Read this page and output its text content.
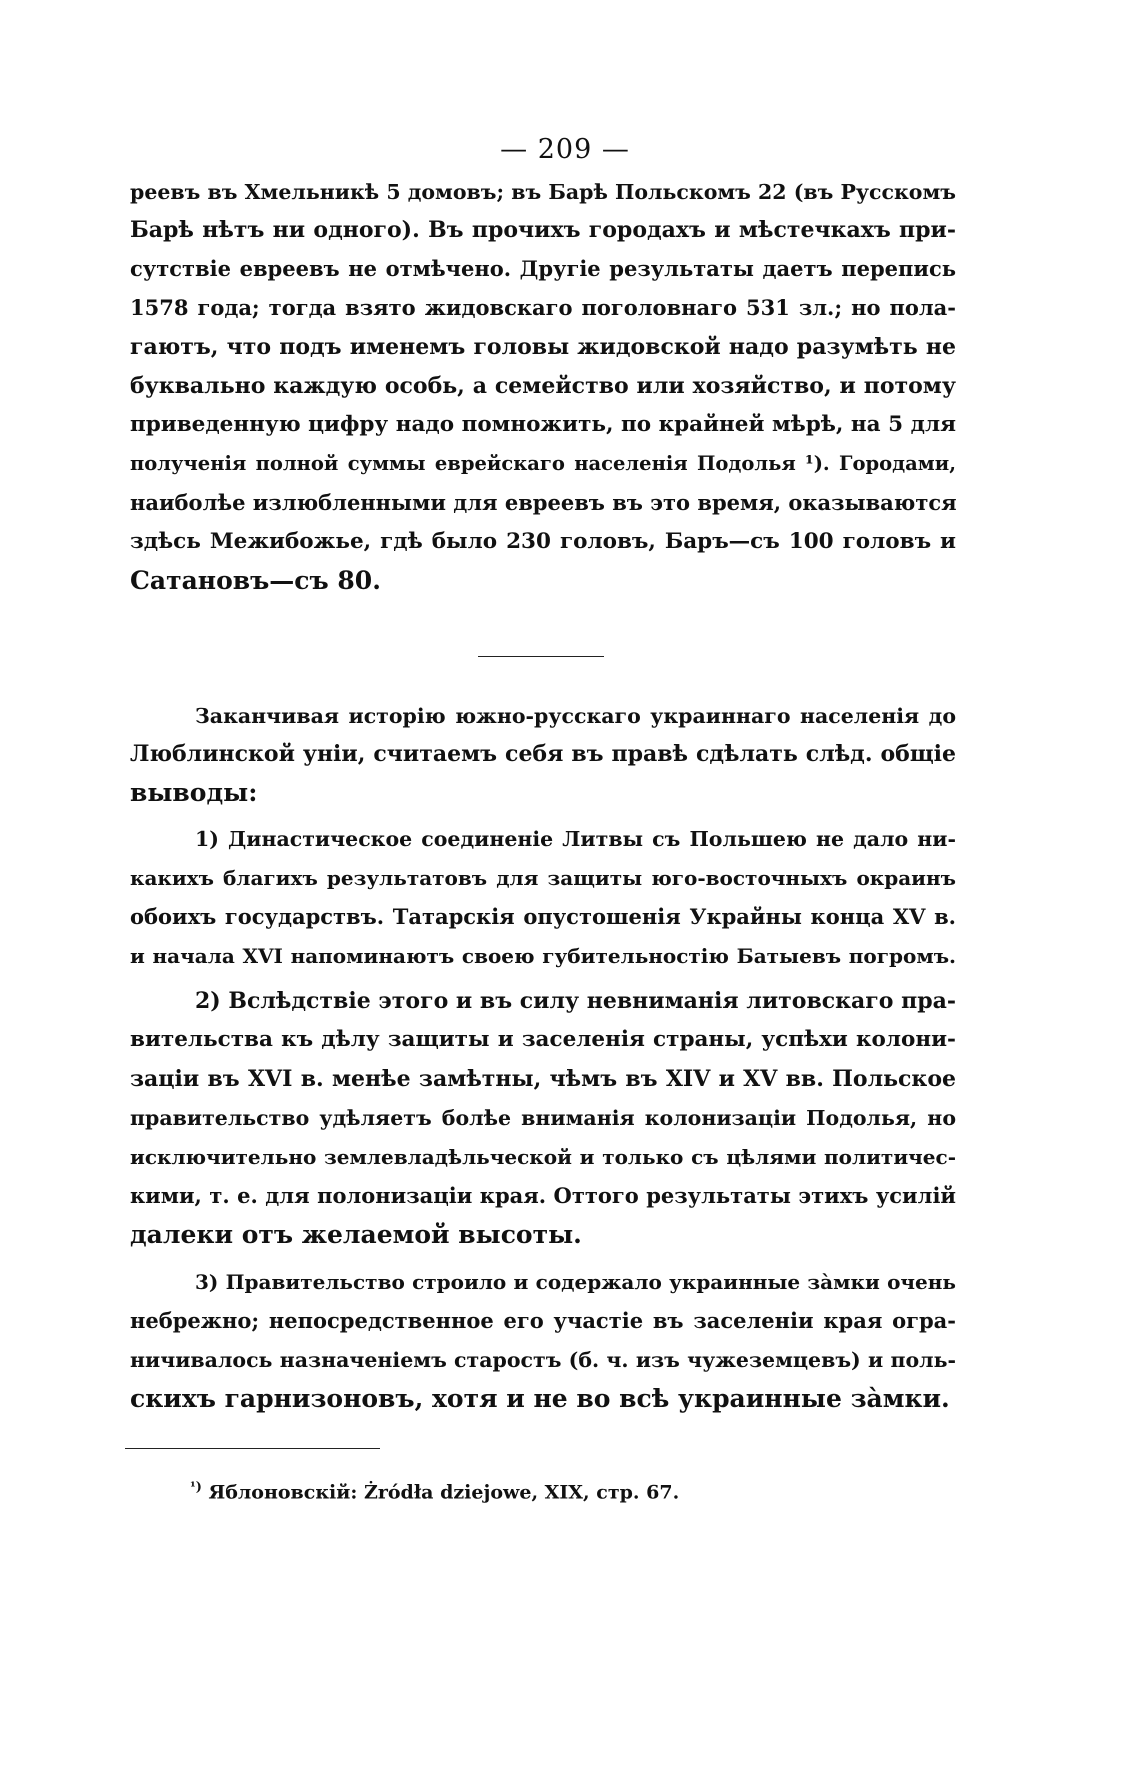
— 209 —
реевъ въ Хмельникѣ 5 домовъ; въ Барѣ Польскомъ 22 (въ Русскомъ
Барѣ нѣтъ ни одного). Въ прочихъ городахъ и мѣстечкахъ при-
сутствіе евреевъ не отмѣчено. Другіе результаты даетъ перепись
1578 года; тогда взято жидовскаго поголовнаго 531 зл.; но пола-
гаютъ, что подъ именемъ головы жидовской надо разумѣть не
буквально каждую особь, а семейство или хозяйство, и потому
приведенную цифру надо помножить, по крайней мѣрѣ, на 5 для
полученія полной суммы еврейскаго населенія Подолья ¹). Городами,
наиболѣе излюбленными для евреевъ въ это время, оказываются
здѣсь Межибожье, гдѣ было 230 головъ, Баръ—съ 100 головъ и
Сатановъ—съ 80.
Заканчивая исторію южно-русскаго украиннаго населенія до
Люблинской уніи, считаемъ себя въ правѣ сдѣлать слѣд. общіе
выводы:
1) Династическое соединеніе Литвы съ Польшею не дало ни-
какихъ благихъ результатовъ для защиты юго-восточныхъ окраинъ
обоихъ государствъ. Татарскія опустошенія Украйны конца XV в.
и начала XVI напоминаютъ своею губительностію Батыевъ погромъ.
2) Вслѣдствіе этого и въ силу невниманія литовскаго пра-
вительства къ дѣлу защиты и заселенія страны, успѣхи колони-
заціи въ XVI в. менѣе замѣтны, чѣмъ въ XIV и XV вв. Польское
правительство удѣляетъ болѣе вниманія колонизаціи Подолья, но
исключительно землевладѣльческой и только съ цѣлями политичес-
кими, т. е. для полонизаціи края. Оттого результаты этихъ усилій
далеки отъ желаемой высоты.
3) Правительство строило и содержало украинные зàмки очень
небрежно; непосредственное его участіе въ заселеніи края огра-
ничивалось назначеніемъ старостъ (б. ч. изъ чужеземцевъ) и поль-
скихъ гарнизоновъ, хотя и не во всѣ украинные зàмки.
$^{^1)}$ Яблоновскій: Żródła dziejowe, XIX, стр. 67.
